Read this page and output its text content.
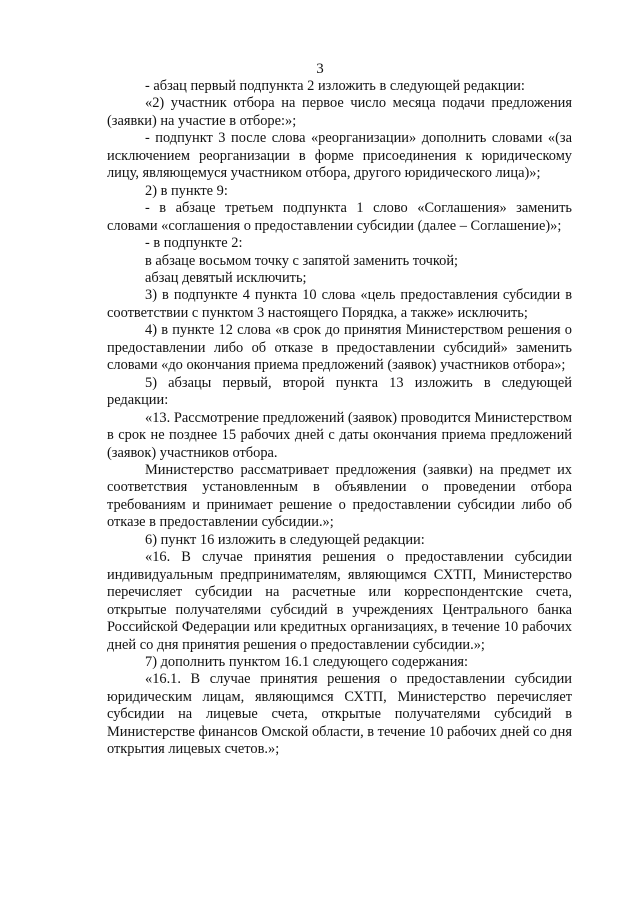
3

- абзац первый подпункта 2 изложить в следующей редакции:

«2) участник отбора на первое число месяца подачи предложения (заявки) на участие в отборе:»;

- подпункт 3 после слова «реорганизации» дополнить словами «(за исключением реорганизации в форме присоединения к юридическому лицу, являющемуся участником отбора, другого юридического лица)»;

2) в пункте 9:

- в абзаце третьем подпункта 1 слово «Соглашения» заменить словами «соглашения о предоставлении субсидии (далее – Соглашение)»;

- в подпункте 2:

в абзаце восьмом точку с запятой заменить точкой;

абзац девятый исключить;

3) в подпункте 4 пункта 10 слова «цель предоставления субсидии в соответствии с пунктом 3 настоящего Порядка, а также» исключить;

4) в пункте 12 слова «в срок до принятия Министерством решения о предоставлении либо об отказе в предоставлении субсидий» заменить словами «до окончания приема предложений (заявок) участников отбора»;

5) абзацы первый, второй пункта 13 изложить в следующей редакции:

«13. Рассмотрение предложений (заявок) проводится Министерством в срок не позднее 15 рабочих дней с даты окончания приема предложений (заявок) участников отбора.

Министерство рассматривает предложения (заявки) на предмет их соответствия установленным в объявлении о проведении отбора требованиям и принимает решение о предоставлении субсидии либо об отказе в предоставлении субсидии.»;

6) пункт 16 изложить в следующей редакции:

«16. В случае принятия решения о предоставлении субсидии индивидуальным предпринимателям, являющимся СХТП, Министерство перечисляет субсидии на расчетные или корреспондентские счета, открытые получателями субсидий в учреждениях Центрального банка Российской Федерации или кредитных организациях, в течение 10 рабочих дней со дня принятия решения о предоставлении субсидии.»;

7) дополнить пунктом 16.1 следующего содержания:

«16.1. В случае принятия решения о предоставлении субсидии юридическим лицам, являющимся СХТП, Министерство перечисляет субсидии на лицевые счета, открытые получателями субсидий в Министерстве финансов Омской области, в течение 10 рабочих дней со дня открытия лицевых счетов.»;
